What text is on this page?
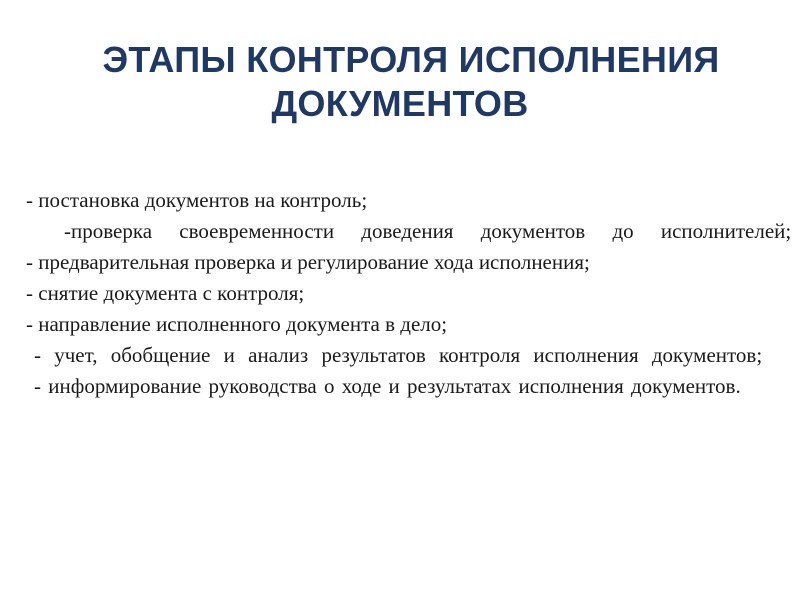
ЭТАПЫ КОНТРОЛЯ ИСПОЛНЕНИЯ
ДОКУМЕНТОВ

- постановка документов на контроль;

-проверка своевременности доведения документов до исполнителей;

- предварительная проверка и регулирование хода исполнения;

- снятие документа с контроля;

- направление исполненного документа в дело;

- учет, обобщение и анализ результатов контроля исполнения документов;

- информирование руководства о ходе и результатах исполнения документов.
